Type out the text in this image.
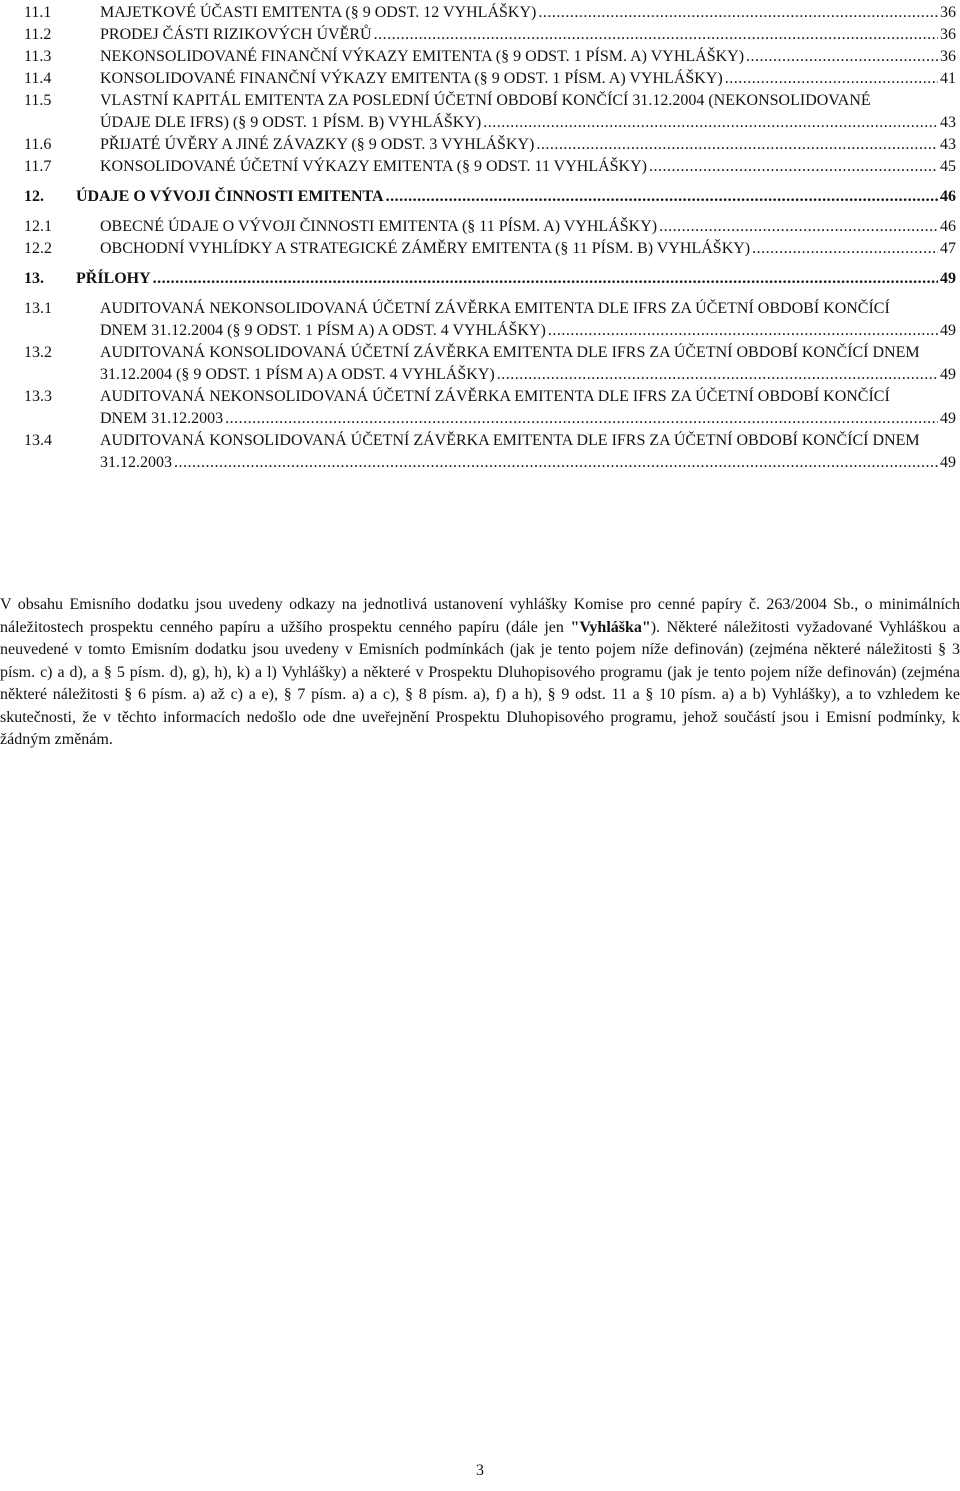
11.1	MAJETKOVÉ ÚČASTI EMITENTA (§ 9 ODST. 12 VYHLÁŠKY) .....	36
11.2	PRODEJ ČÁSTI RIZIKOVÝCH ÚVĚRŮ .....	36
11.3	NEKONSOLIDOVANÉ FINANČNÍ VÝKAZY EMITENTA (§ 9 ODST. 1 PÍSM. A) VYHLÁŠKY) .....	36
11.4	KONSOLIDOVANÉ FINANČNÍ VÝKAZY EMITENTA (§ 9 ODST. 1 PÍSM. A) VYHLÁŠKY) .....	41
11.5	VLASTNÍ KAPITÁL EMITENTA ZA POSLEDNÍ ÚČETNÍ OBDOBÍ KONČÍCÍ 31.12.2004 (NEKONSOLIDOVANÉ
ÚDAJE DLE IFRS) (§ 9 ODST. 1 PÍSM. B) VYHLÁŠKY) .....	43
11.6	PŘIJATÉ ÚVĚRY A JINÉ ZÁVAZKY (§ 9 ODST. 3 VYHLÁŠKY) .....	43
11.7	KONSOLIDOVANÉ ÚČETNÍ VÝKAZY EMITENTA (§ 9 ODST. 11 VYHLÁŠKY) .....	45
12.	ÚDAJE O VÝVOJI ČINNOSTI EMITENTA .....	46
12.1	OBECNÉ ÚDAJE O VÝVOJI ČINNOSTI EMITENTA (§ 11 PÍSM. A) VYHLÁŠKY) .....	46
12.2	OBCHODNÍ VYHLÍDKY A STRATEGICKÉ ZÁMĚRY EMITENTA (§ 11 PÍSM. B) VYHLÁŠKY) .....	47
13.	PŘÍLOHY .....	49
13.1	AUDITOVANÁ NEKONSOLIDOVANÁ ÚČETNÍ ZÁVĚRKA EMITENTA DLE IFRS ZA ÚČETNÍ OBDOBÍ KONČÍCÍ
DNEM 31.12.2004 (§ 9 ODST. 1 PÍSM A) A ODST. 4 VYHLÁŠKY) .....	49
13.2	AUDITOVANÁ KONSOLIDOVANÁ ÚČETNÍ ZÁVĚRKA EMITENTA DLE IFRS ZA ÚČETNÍ OBDOBÍ KONČÍCÍ DNEM
31.12.2004 (§ 9 ODST. 1 PÍSM A) A ODST. 4 VYHLÁŠKY) .....	49
13.3	AUDITOVANÁ NEKONSOLIDOVANÁ ÚČETNÍ ZÁVĚRKA EMITENTA DLE IFRS ZA ÚČETNÍ OBDOBÍ KONČÍCÍ
DNEM 31.12.2003 .....	49
13.4	AUDITOVANÁ KONSOLIDOVANÁ ÚČETNÍ ZÁVĚRKA EMITENTA DLE IFRS ZA ÚČETNÍ OBDOBÍ KONČÍCÍ DNEM
31.12.2003 .....	49
V obsahu Emisního dodatku jsou uvedeny odkazy na jednotlivá ustanovení vyhlášky Komise pro cenné papíry č. 263/2004 Sb., o minimálních náležitostech prospektu cenného papíru a užšího prospektu cenného papíru (dále jen "Vyhláška"). Některé náležitosti vyžadované Vyhláškou a neuvedené v tomto Emisním dodatku jsou uvedeny v Emisních podmínkách (jak je tento pojem níže definován) (zejména některé náležitosti § 3 písm. c) a d), a § 5 písm. d), g), h), k) a l) Vyhlášky) a některé v Prospektu Dluhopisového programu (jak je tento pojem níže definován) (zejména některé náležitosti § 6 písm. a) až c) a e), § 7 písm. a) a c), § 8 písm. a), f) a h), § 9 odst. 11 a § 10 písm. a) a b) Vyhlášky), a to vzhledem ke skutečnosti, že v těchto informacích nedošlo ode dne uveřejnění Prospektu Dluhopisového programu, jehož součástí jsou i Emisní podmínky, k žádným změnám.
3
